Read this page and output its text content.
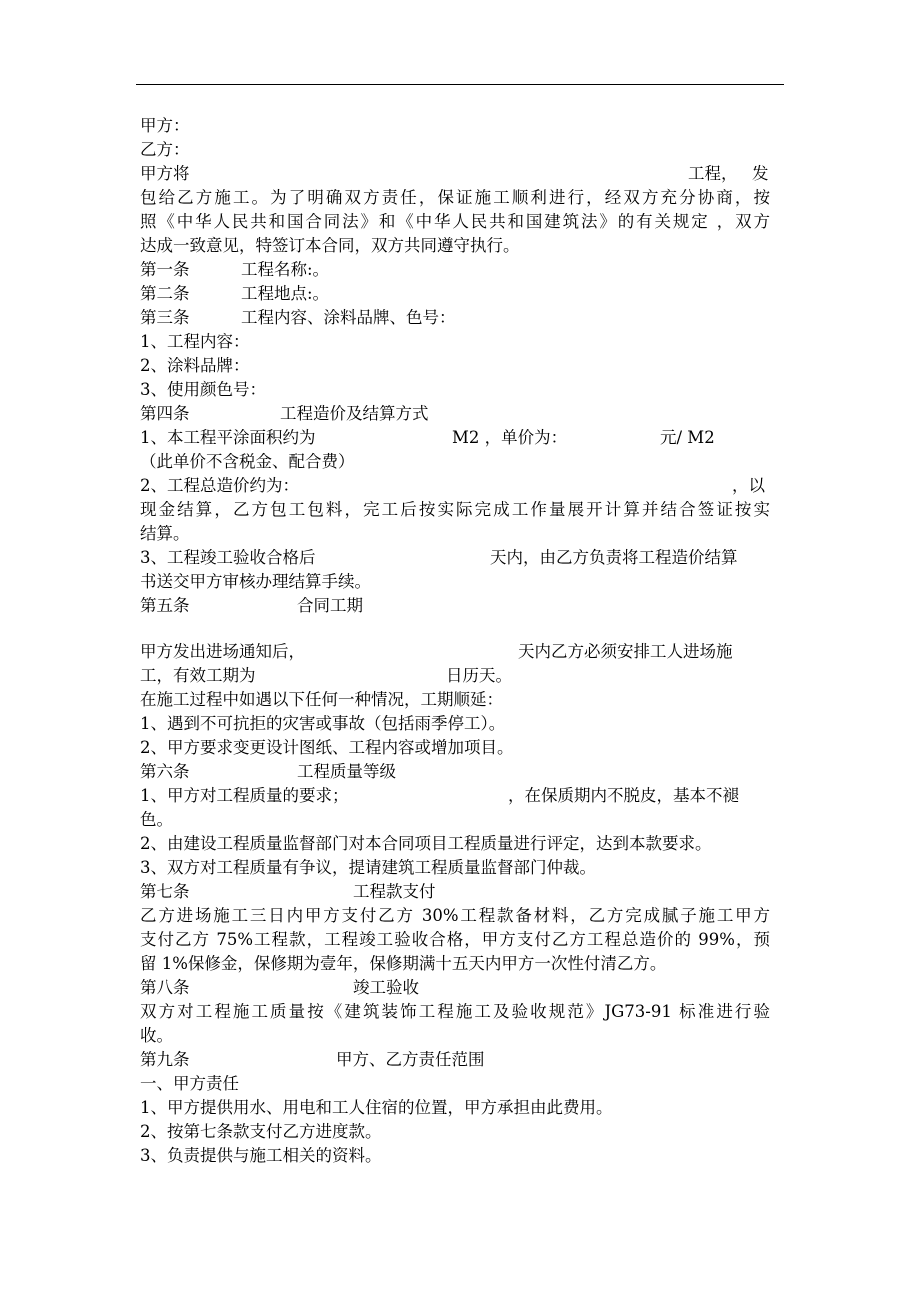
甲方：
乙方：
甲方将	工程， 发
包给乙方施工。为了明确双方责任，保证施工顺利进行，经双方充分协商，按
照《中华人民共和国合同法》和《中华人民共和国建筑法》的有关规定 ，双方
达成一致意见，特签订本合同，双方共同遵守执行。
第一条	工程名称:。
第二条	工程地点:。
第三条	工程内容、涂料品牌、色号：
1、工程内容：
2、涂料品牌：
3、使用颜色号：
第四条	工程造价及结算方式
1、本工程平涂面积约为	M2 ，单价为：	元/ M2
（此单价不含税金、配合费）
2、工程总造价约为：	，以
现金结算，乙方包工包料，完工后按实际完成工作量展开计算并结合签证按实
结算。
3、工程竣工验收合格后	天内，由乙方负责将工程造价结算
书送交甲方审核办理结算手续。
第五条	合同工期
甲方发出进场通知后，	天内乙方必须安排工人进场施
工，有效工期为	日历天。
在施工过程中如遇以下任何一种情况，工期顺延：
1、遇到不可抗拒的灾害或事故（包括雨季停工）。
2、甲方要求变更设计图纸、工程内容或增加项目。
第六条	工程质量等级
1、甲方对工程质量的要求；	，在保质期内不脱皮，基本不褪
色。
2、由建设工程质量监督部门对本合同项目工程质量进行评定，达到本款要求。
3、双方对工程质量有争议，提请建筑工程质量监督部门仲裁。
第七条	工程款支付
乙方进场施工三日内甲方支付乙方 30%工程款备材料，乙方完成腻子施工甲方
支付乙方 75%工程款，工程竣工验收合格，甲方支付乙方工程总造价的 99%，预
留 1%保修金，保修期为壹年，保修期满十五天内甲方一次性付清乙方。
第八条	竣工验收
双方对工程施工质量按《建筑装饰工程施工及验收规范》JG73-91 标准进行验
收。
第九条	甲方、乙方责任范围
一、甲方责任
1、甲方提供用水、用电和工人住宿的位置，甲方承担由此费用。
2、按第七条款支付乙方进度款。
3、负责提供与施工相关的资料。
